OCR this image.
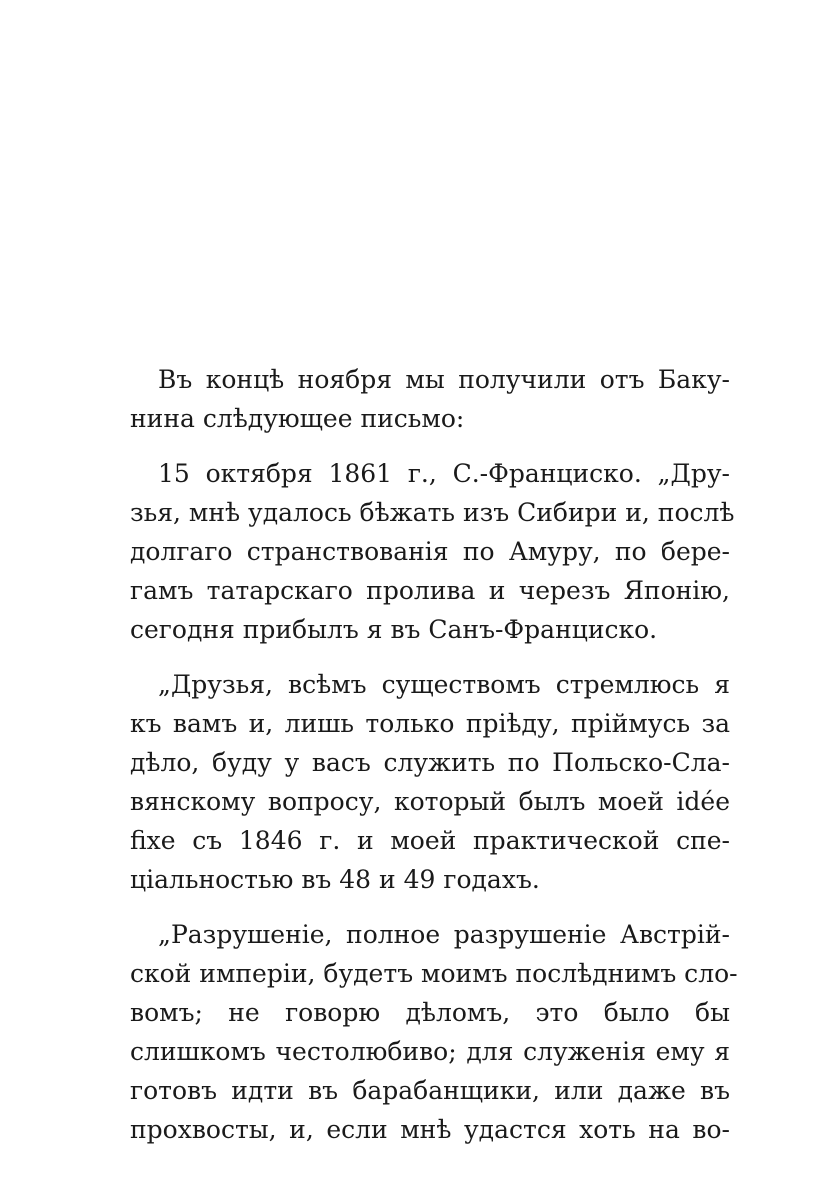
Въ концѣ ноября мы получили отъ Баку-
нина слѣдующее письмо:

15 октября 1861 г., С.-Франциско. „Дру-
зья, мнѣ удалось бѣжать изъ Сибири и, послѣ
долгаго странствованія по Амуру, по бере-
гамъ татарскаго пролива и черезъ Японію,
сегодня прибылъ я въ Санъ-Франциско.

„Друзья, всѣмъ существомъ стремлюсь я
къ вамъ и, лишь только пріѣду, пріймусь за
дѣло, буду у васъ служить по Польско-Сла-
вянскому вопросу, который былъ моей idée
fixe съ 1846 г. и моей практической спе-
ціальностью въ 48 и 49 годахъ.

„Разрушеніе, полное разрушеніе Австрій-
ской имперіи, будетъ моимъ послѣднимъ сло-
вомъ; не говорю дѣломъ, это было бы
слишкомъ честолюбиво; для служенія ему я
готовъ идти въ барабанщики, или даже въ
прохвосты, и, если мнѣ удастся хоть на во-
